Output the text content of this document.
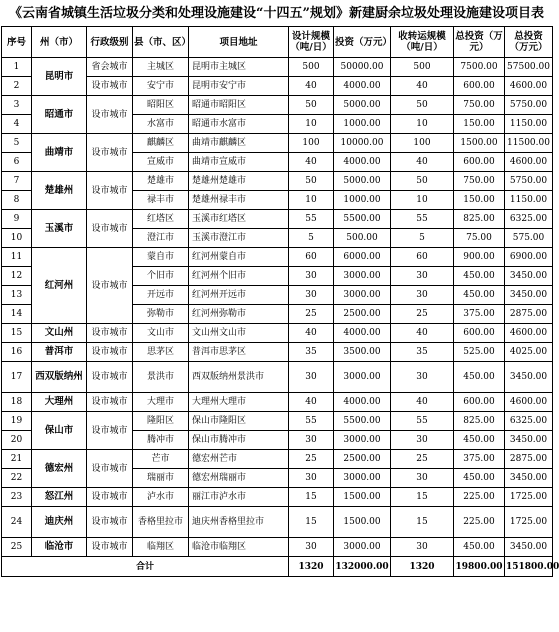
《云南省城镇生活垃圾分类和处理设施建设“十四五”规划》新建厨余垃圾处理设施建设项目表
序号	州（市）	行政级别	县（市、区）	项目地址	设计规模（吨/日）	投资（万元）	收转运规模（吨/日）	总投资（万元）	总投资（万元）
1	昆明市	省会城市	主城区	昆明市主城区	500	50000.00	500	7500.00	57500.00
2		设市城市	安宁市	昆明市安宁市	40	4000.00	40	600.00	4600.00
3	昭通市	设市城市	昭阳区	昭通市昭阳区	50	5000.00	50	750.00	5750.00
4			水富市	昭通市水富市	10	1000.00	10	150.00	1150.00
5	曲靖市	设市城市	麒麟区	曲靖市麒麟区	100	10000.00	100	1500.00	11500.00
6			宣威市	曲靖市宣威市	40	4000.00	40	600.00	4600.00
7	楚雄州	设市城市	楚雄市	楚雄州楚雄市	50	5000.00	50	750.00	5750.00
8			禄丰市	楚雄州禄丰市	10	1000.00	10	150.00	1150.00
9	玉溪市	设市城市	红塔区	玉溪市红塔区	55	5500.00	55	825.00	6325.00
10			澄江市	玉溪市澄江市	5	500.00	5	75.00	575.00
11	红河州	设市城市	蒙自市	红河州蒙自市	60	6000.00	60	900.00	6900.00
12			个旧市	红河州个旧市	30	3000.00	30	450.00	3450.00
13			开远市	红河州开远市	30	3000.00	30	450.00	3450.00
14			弥勒市	红河州弥勒市	25	2500.00	25	375.00	2875.00
15	文山州	设市城市	文山市	文山州文山市	40	4000.00	40	600.00	4600.00
16	普洱市	设市城市	思茅区	普洱市思茅区	35	3500.00	35	525.00	4025.00
17	西双版纳州	设市城市	景洪市	西双版纳州景洪市	30	3000.00	30	450.00	3450.00
18	大理州	设市城市	大理市	大理州大理市	40	4000.00	40	600.00	4600.00
19	保山市	设市城市	隆阳区	保山市隆阳区	55	5500.00	55	825.00	6325.00
20			腾冲市	保山市腾冲市	30	3000.00	30	450.00	3450.00
21	德宏州	设市城市	芒市	德宏州芒市	25	2500.00	25	375.00	2875.00
22			瑞丽市	德宏州瑞丽市	30	3000.00	30	450.00	3450.00
23	怒江州	设市城市	泸水市	丽江市泸水市	15	1500.00	15	225.00	1725.00
24	迪庆州	设市城市	香格里拉市	迪庆州香格里拉市	15	1500.00	15	225.00	1725.00
25	临沧市	设市城市	临翔区	临沧市临翔区	30	3000.00	30	450.00	3450.00
合计					1320	132000.00	1320	19800.00	151800.00
